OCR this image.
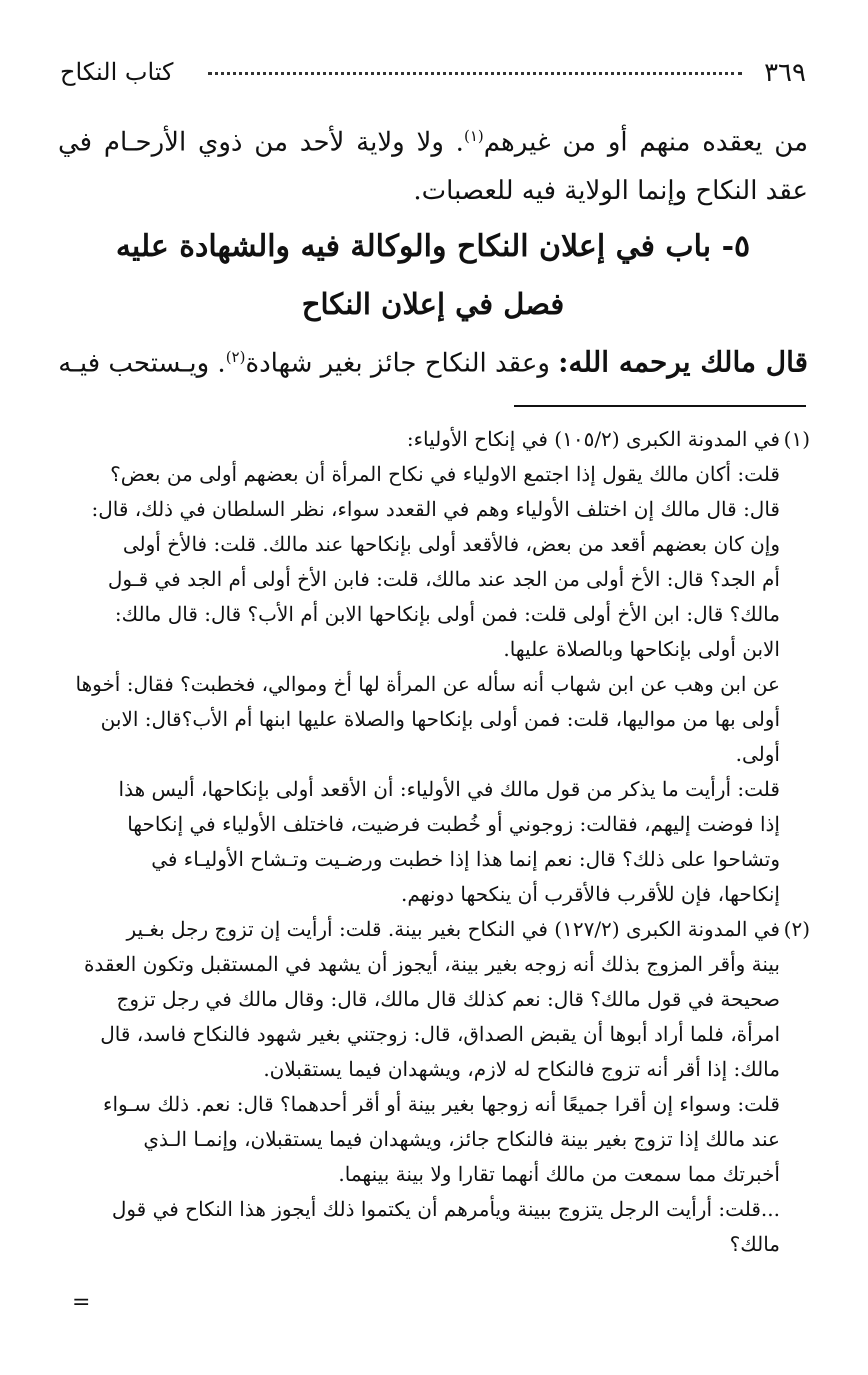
٣٦٩
كتاب النكاح

من يعقده منهم أو من غيرهم$^{(١)}$. ولا ولاية لأحد من ذوي الأرحـام في عقد النكاح وإنما الولاية فيه للعصبات.

٥- باب في إعلان النكاح والوكالة فيه والشهادة عليه

فصل في إعلان النكاح

قال مالك يرحمه الله: وعقد النكاح جائز بغير شهادة$^{(٢)}$. ويـستحب فيـه

(١)في المدونة الكبرى (١٠٥/٢) في إنكاح الأولياء:

قلت: أكان مالك يقول إذا اجتمع الاولياء في نكاح المرأة أن بعضهم أولى من بعض؟

قال: قال مالك إن اختلف الأولياء وهم في القعدد سواء، نظر السلطان في ذلك، قال:

وإن كان بعضهم أقعد من بعض، فالأقعد أولى بإنكاحها عند مالك. قلت: فالأخ أولى

أم الجد؟ قال: الأخ أولى من الجد عند مالك، قلت: فابن الأخ أولى أم الجد في قـول

مالك؟ قال: ابن الأخ أولى قلت: فمن أولى بإنكاحها الابن أم الأب؟ قال: قال مالك:

الابن أولى بإنكاحها وبالصلاة عليها.

عن ابن وهب عن ابن شهاب أنه سأله عن المرأة لها أخ وموالي، فخطبت؟ فقال: أخوها

أولى بها من مواليها، قلت: فمن أولى بإنكاحها والصلاة عليها ابنها أم الأب؟قال: الابن

أولى.

قلت: أرأيت ما يذكر من قول مالك في الأولياء: أن الأقعد أولى بإنكاحها، أليس هذا

إذا فوضت إليهم، فقالت: زوجوني أو خُطبت فرضيت، فاختلف الأولياء في إنكاحها

وتشاحوا على ذلك؟ قال: نعم إنما هذا إذا خطبت ورضـيت وتـشاح الأوليـاء في

إنكاحها، فإن للأقرب فالأقرب أن ينكحها دونهم.

(٢)في المدونة الكبرى (١٢٧/٢) في النكاح بغير بينة. قلت: أرأيت إن تزوج رجل بغـير

بينة وأقر المزوج بذلك أنه زوجه بغير بينة، أيجوز أن يشهد في المستقبل وتكون العقدة

صحيحة في قول مالك؟ قال: نعم كذلك قال مالك، قال: وقال مالك في رجل تزوج

امرأة، فلما أراد أبوها أن يقبض الصداق، قال: زوجتني بغير شهود فالنكاح فاسد، قال

مالك: إذا أقر أنه تزوج فالنكاح له لازم، ويشهدان فيما يستقبلان.

قلت: وسواء إن أقرا جميعًا أنه زوجها بغير بينة أو أقر أحدهما؟ قال: نعم. ذلك سـواء

عند مالك إذا تزوج بغير بينة فالنكاح جائز، ويشهدان فيما يستقبلان، وإنمـا الـذي

أخبرتك مما سمعت من مالك أنهما تقارا ولا بينة بينهما.

...قلت: أرأيت الرجل يتزوج ببينة ويأمرهم أن يكتموا ذلك أيجوز هذا النكاح في قول

مالك؟

=
